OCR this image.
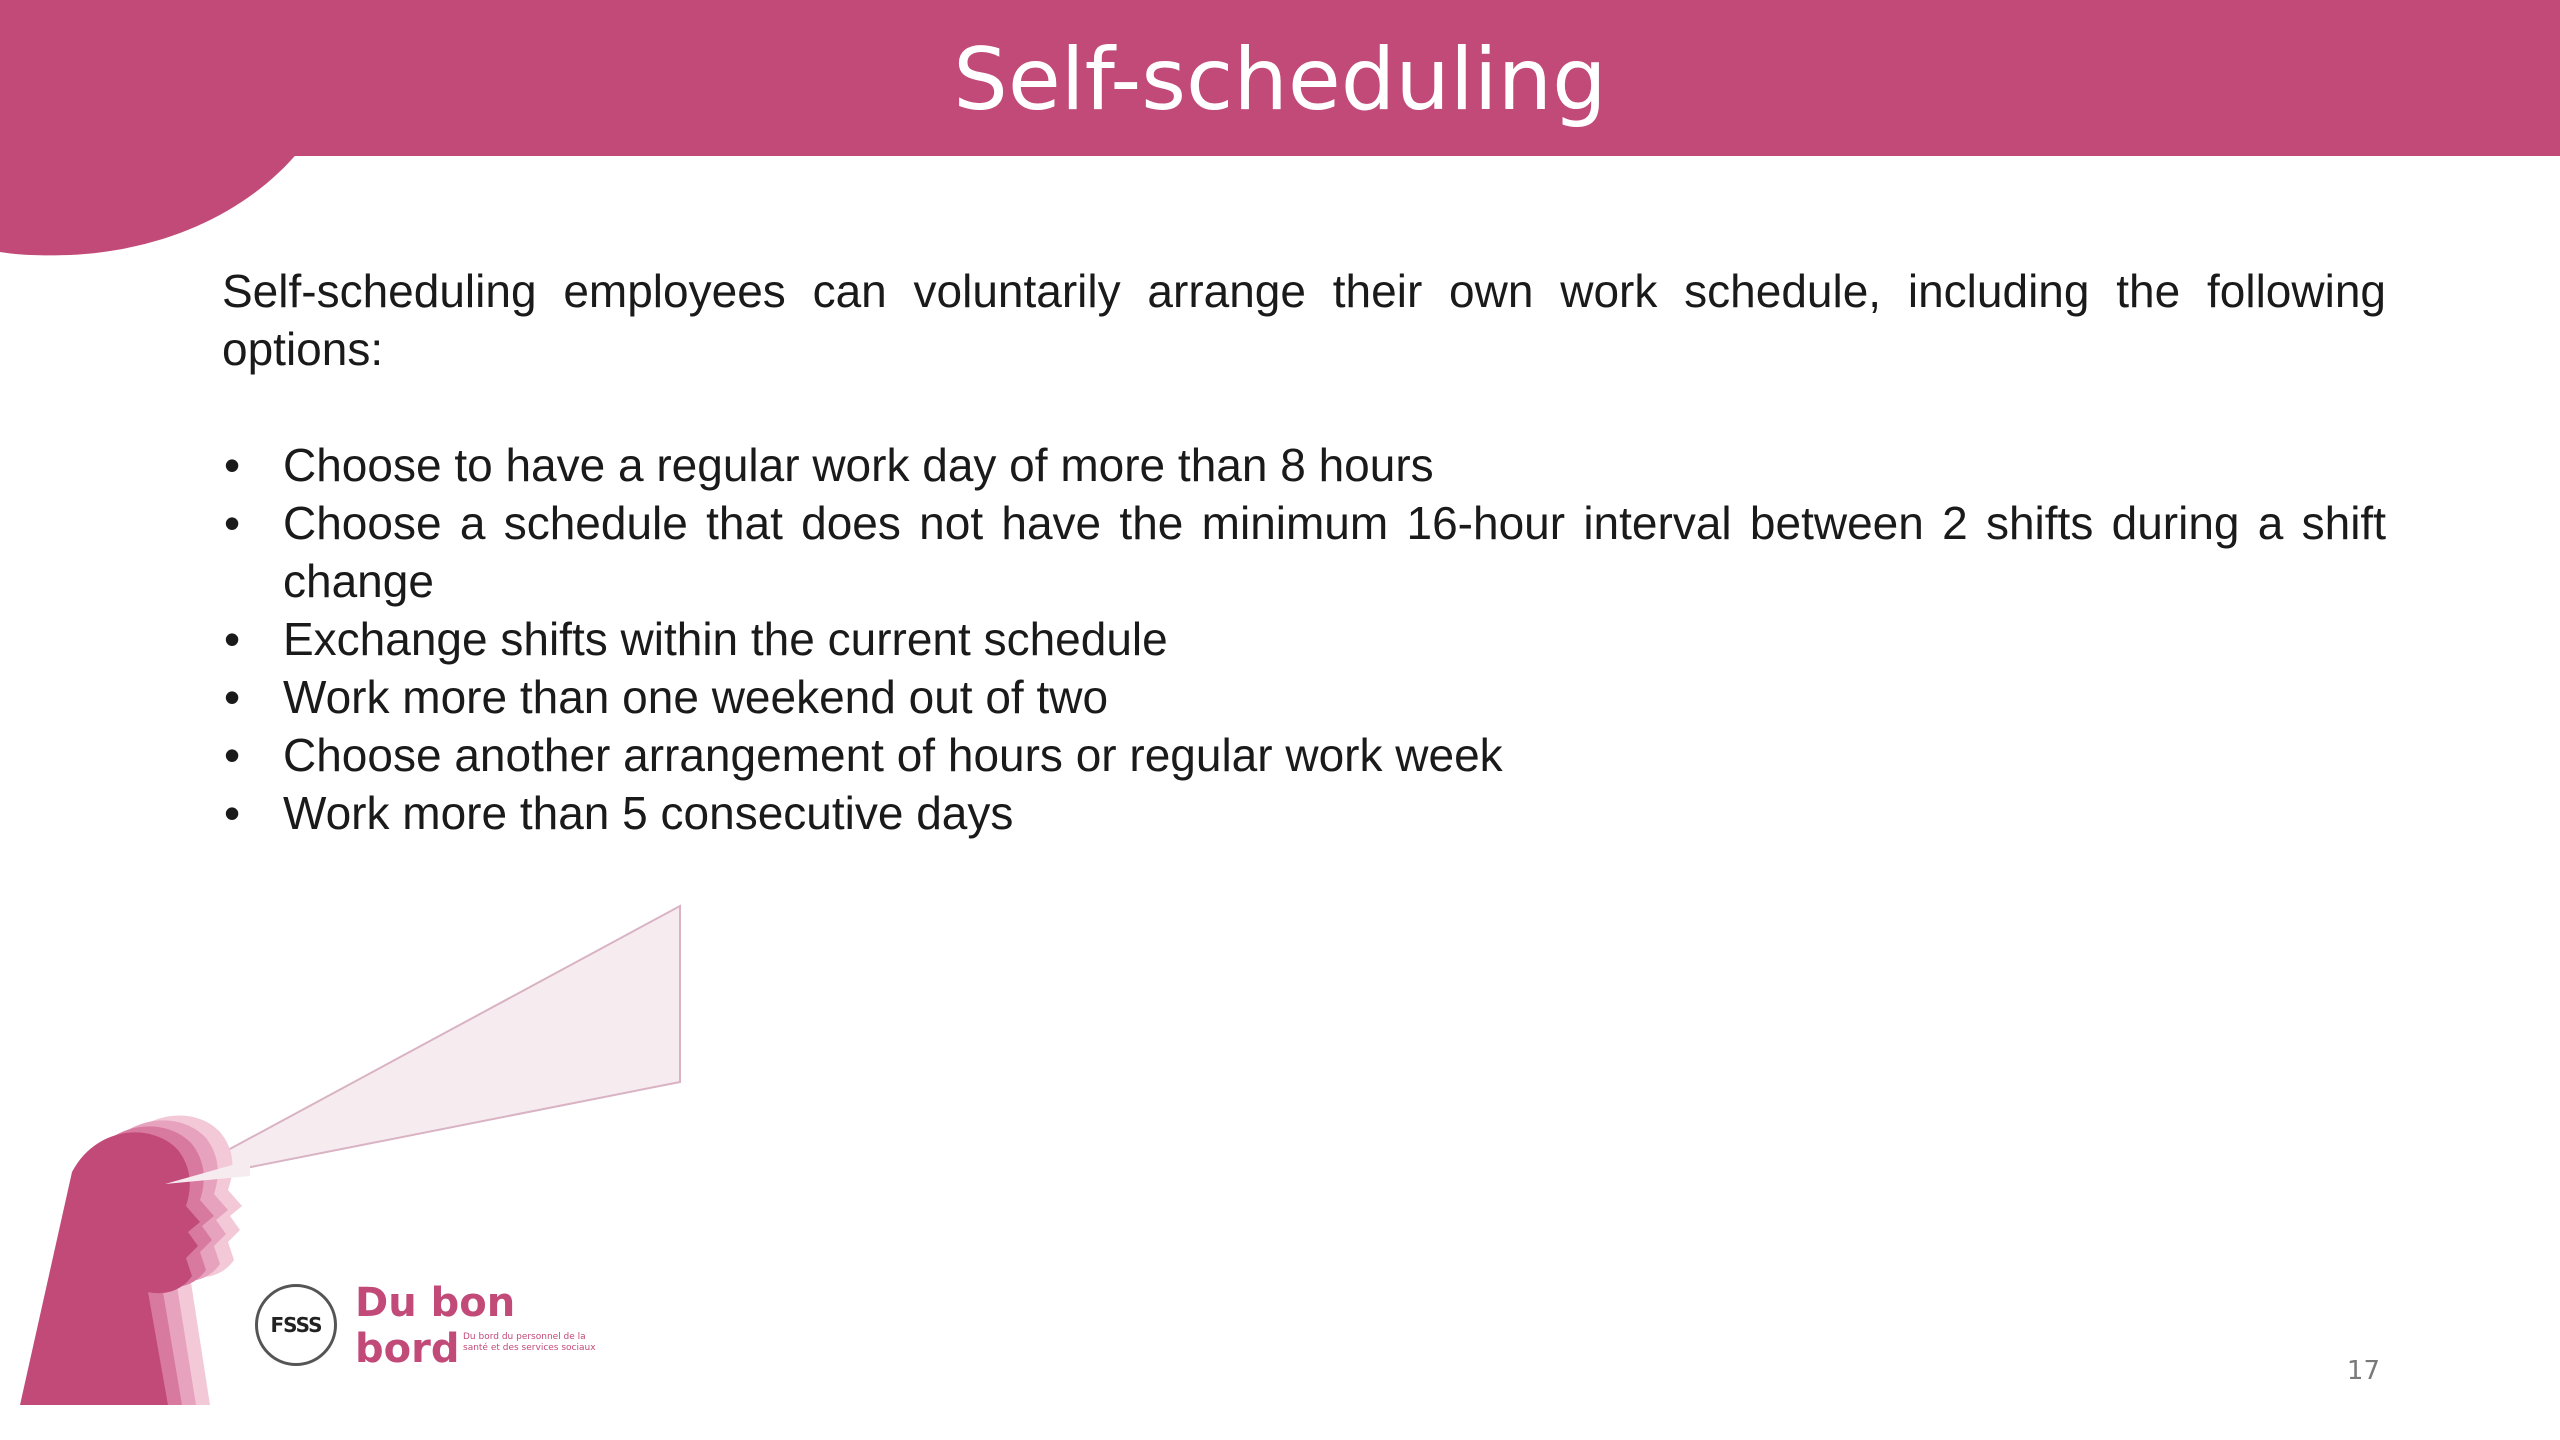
Self-scheduling

Self-scheduling employees can voluntarily arrange their own work schedule, including the following options:

• Choose to have a regular work day of more than 8 hours
• Choose a schedule that does not have the minimum 16-hour interval between 2 shifts during a shift change
• Exchange shifts within the current schedule
• Work more than one weekend out of two
• Choose another arrangement of hours or regular work week
• Work more than 5 consecutive days
FSSS Du bon
bord Du bord du personnel de la santé et des services sociaux
17
